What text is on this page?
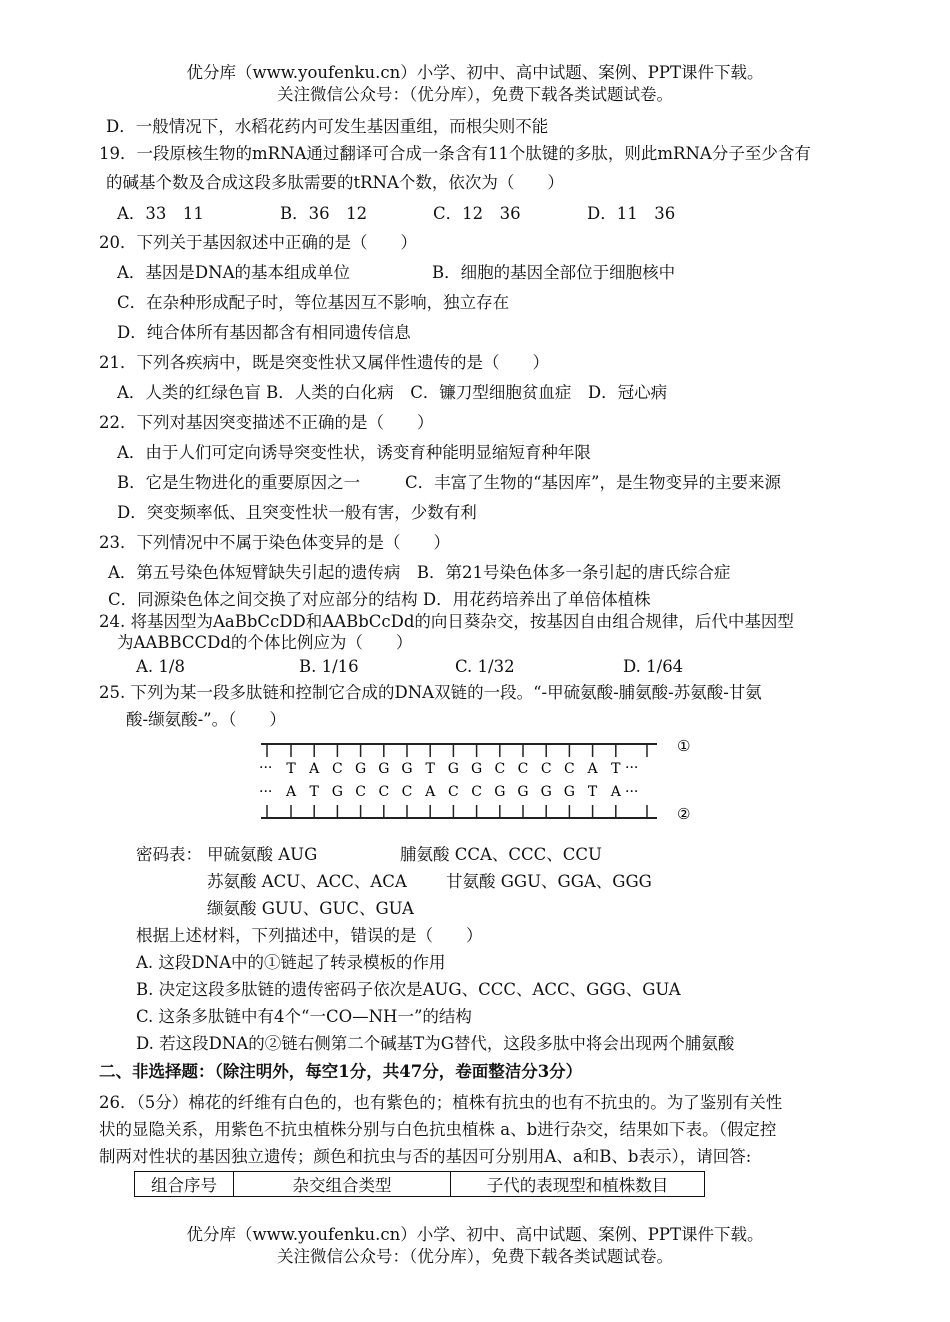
优分库（www.youfenku.cn）小学、初中、高中试题、案例、PPT课件下载。
关注微信公众号：（优分库），免费下载各类试题试卷。
D．一般情况下，水稻花药内可发生基因重组，而根尖则不能
19．一段原核生物的mRNA通过翻译可合成一条含有11个肽键的多肽，则此mRNA分子至少含有
的碱基个数及合成这段多肽需要的tRNA个数，依次为（　　）
A．33　11	B．36　12	C．12　36	D．11　36
20．下列关于基因叙述中正确的是（　　）
A．基因是DNA的基本组成单位	B．细胞的基因全部位于细胞核中
C．在杂种形成配子时，等位基因互不影响，独立存在
D．纯合体所有基因都含有相同遗传信息
21．下列各疾病中，既是突变性状又属伴性遗传的是（　　）
A．人类的红绿色盲 B．人类的白化病　C．镰刀型细胞贫血症　D．冠心病
22．下列对基因突变描述不正确的是（　　）
A．由于人们可定向诱导突变性状，诱变育种能明显缩短育种年限
B．它是生物进化的重要原因之一	C．丰富了生物的“基因库”，是生物变异的主要来源
D．突变频率低、且突变性状一般有害，少数有利
23．下列情况中不属于染色体变异的是（　　）
A．第五号染色体短臂缺失引起的遗传病　B．第21号染色体多一条引起的唐氏综合症
C．同源染色体之间交换了对应部分的结构 D．用花药培养出了单倍体植株
24. 将基因型为AaBbCcDD和AABbCcDd的向日葵杂交，按基因自由组合规律，后代中基因型
为AABBCCDd的个体比例应为（　　）
A. 1/8	B. 1/16	C. 1/32	D. 1/64
25. 下列为某一段多肽链和控制它合成的DNA双链的一段。“-甲硫氨酸-脯氨酸-苏氨酸-甘氨
酸-缬氨酸-”。（　　）
···	···
···	···
T A C G G G T G G C C C C A T
A T G C C C A C C G G G G T A
①
②
密码表： 甲硫氨酸 AUG	脯氨酸 CCA、CCC、CCU
苏氨酸 ACU、ACC、ACA 甘氨酸 GGU、GGA、GGG
缬氨酸 GUU、GUC、GUA
根据上述材料，下列描述中，错误的是（　　）
A. 这段DNA中的①链起了转录模板的作用
B. 决定这段多肽链的遗传密码子依次是AUG、CCC、ACC、GGG、GUA
C. 这条多肽链中有4个“一CO—NH一”的结构
D. 若这段DNA的②链右侧第二个碱基T为G替代，这段多肽中将会出现两个脯氨酸
二、非选择题：（除注明外，每空1分，共47分，卷面整洁分3分）
26．（5分）棉花的纤维有白色的，也有紫色的；植株有抗虫的也有不抗虫的。为了鉴别有关性
状的显隐关系，用紫色不抗虫植株分别与白色抗虫植株 a、b进行杂交，结果如下表。（假定控
制两对性状的基因独立遗传；颜色和抗虫与否的基因可分别用A、a和B、b表示），请回答:
组合序号	杂交组合类型	子代的表现型和植株数目
优分库（www.youfenku.cn）小学、初中、高中试题、案例、PPT课件下载。
关注微信公众号：（优分库），免费下载各类试题试卷。
